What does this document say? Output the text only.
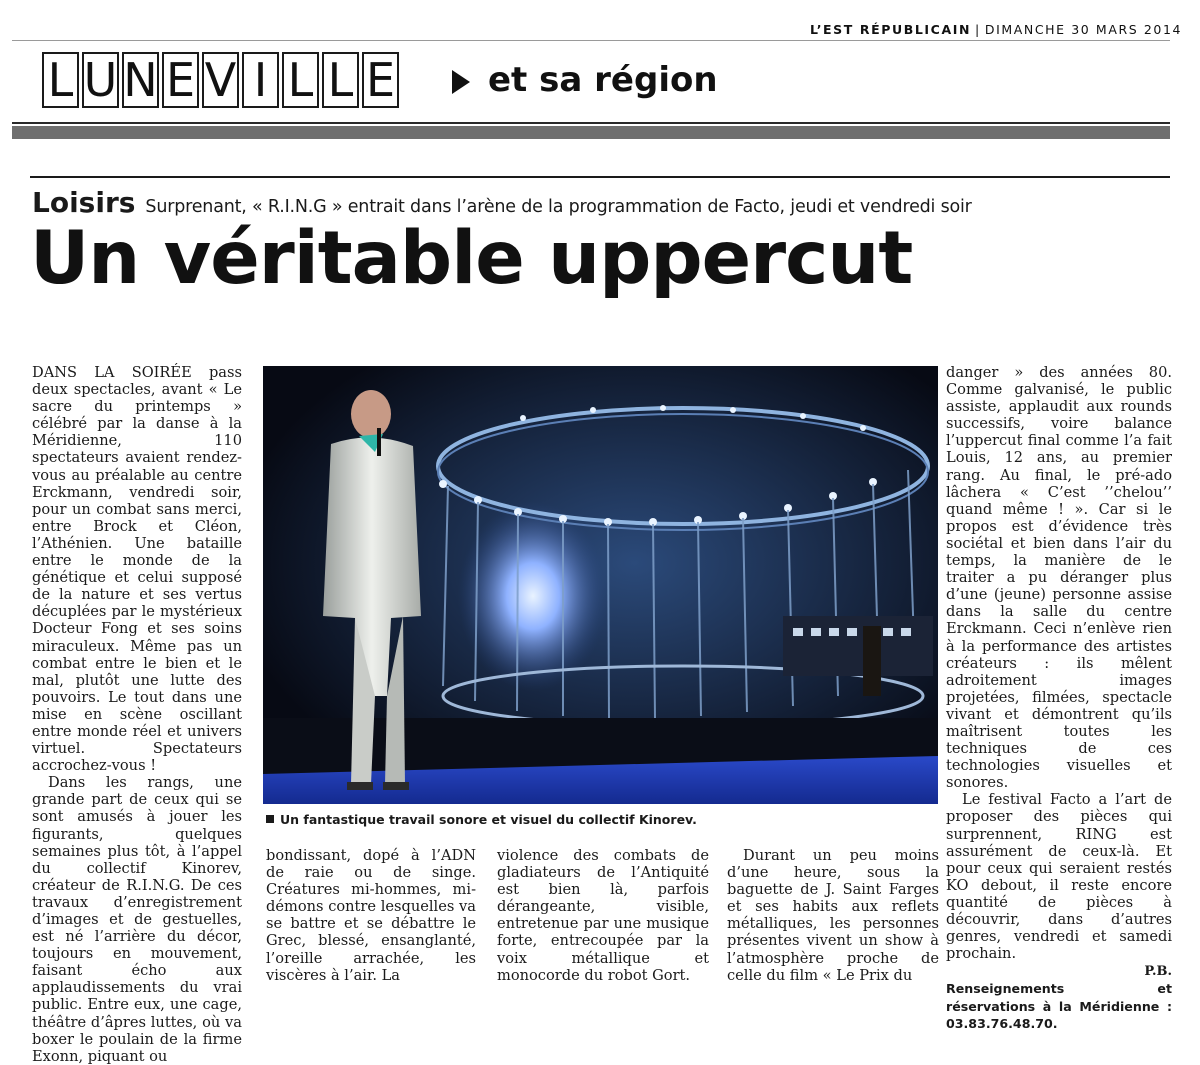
L’EST RÉPUBLICAIN | DIMANCHE 30 MARS 2014
L U N E V I L L E	et sa région
Loisirs Surprenant, « R.I.N.G » entrait dans l’arène de la programmation de Facto, jeudi et vendredi soir
Un véritable uppercut

DANS LA SOIRÉE pass deux spectacles, avant « Le sacre du printemps » célébré par la danse à la Méridienne, 110 spectateurs avaient rendez-vous au préalable au centre Erckmann, vendredi soir, pour un combat sans merci, entre Brock et Cléon, l’Athénien. Une bataille entre le monde de la génétique et celui supposé de la nature et ses vertus décuplées par le mystérieux Docteur Fong et ses soins miraculeux. Même pas un combat entre le bien et le mal, plutôt une lutte des pouvoirs. Le tout dans une mise en scène oscillant entre monde réel et univers virtuel. Spectateurs accrochez-vous !

Dans les rangs, une grande part de ceux qui se sont amusés à jouer les figurants, quelques semaines plus tôt, à l’appel du collectif Kinorev, créateur de R.I.N.G. De ces travaux d’enregistrement d’images et de gestuelles, est né l’arrière du décor, toujours en mouvement, faisant écho aux applaudissements du vrai public. Entre eux, une cage, théâtre d’âpres luttes, où va boxer le poulain de la firme Exonn, piquant ou

Un fantastique travail sonore et visuel du collectif Kinorev.

bondissant, dopé à l’ADN de raie ou de singe. Créatures mi-hommes, mi-démons contre lesquelles va se battre et se débattre le Grec, blessé, ensanglanté, l’oreille arrachée, les viscères à l’air. La

violence des combats de gladiateurs de l’Antiquité est bien là, parfois dérangeante, visible, entretenue par une musique forte, entrecoupée par la voix métallique et monocorde du robot Gort.

Durant un peu moins d’une heure, sous la baguette de J. Saint Farges et ses habits aux reflets métalliques, les personnes présentes vivent un show à l’atmosphère proche de celle du film « Le Prix du

danger » des années 80. Comme galvanisé, le public assiste, applaudit aux rounds successifs, voire balance l’uppercut final comme l’a fait Louis, 12 ans, au premier rang. Au final, le pré-ado lâchera « C’est ’’chelou’’ quand même ! ». Car si le propos est d’évidence très sociétal et bien dans l’air du temps, la manière de le traiter a pu déranger plus d’une (jeune) personne assise dans la salle du centre Erckmann. Ceci n’enlève rien à la performance des artistes créateurs : ils mêlent adroitement images projetées, filmées, spectacle vivant et démontrent qu’ils maîtrisent toutes les techniques de ces technologies visuelles et sonores.

Le festival Facto a l’art de proposer des pièces qui surprennent, RING est assurément de ceux-là. Et pour ceux qui seraient restés KO debout, il reste encore quantité de pièces à découvrir, dans d’autres genres, vendredi et samedi prochain.

P.B.
Renseignements et réservations à la Méridienne : 03.83.76.48.70.
